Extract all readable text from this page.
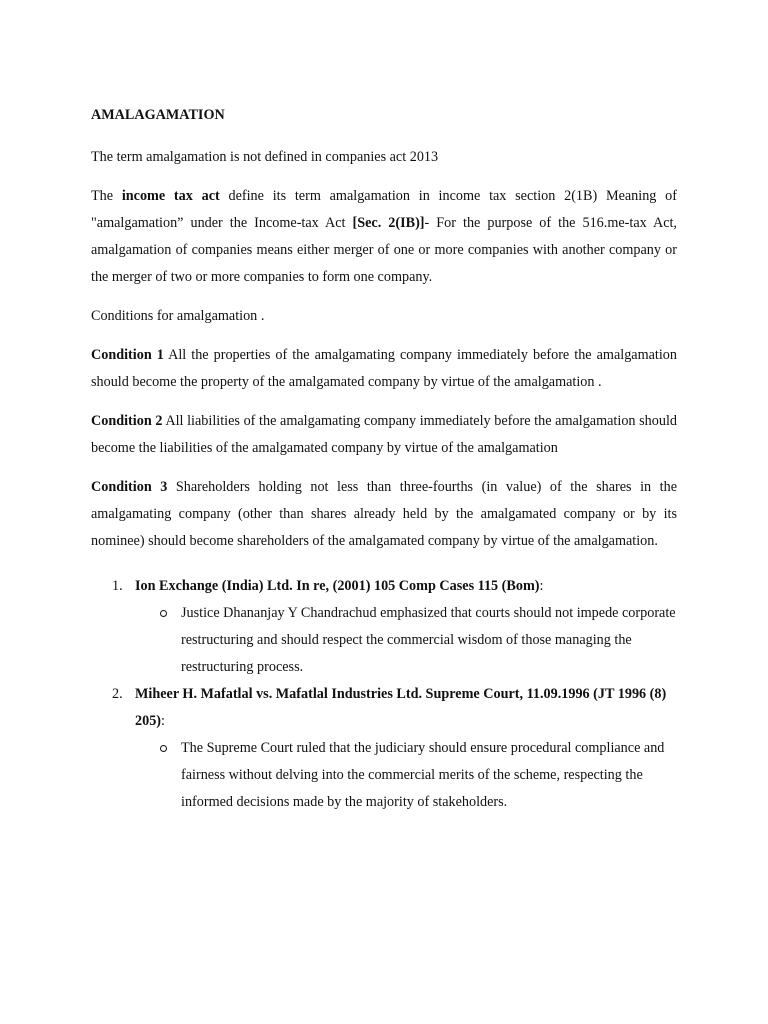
AMALAGAMATION

The term amalgamation is not defined in companies act 2013

The income tax act define its term amalgamation in income tax section 2(1B) Meaning of "amalgamation” under the Income-tax Act [Sec. 2(IB)]- For the purpose of the 516.me-tax Act, amalgamation of companies means either merger of one or more companies with another company or the merger of two or more companies to form one company.

Conditions for amalgamation .

Condition 1 All the properties of the amalgamating company immediately before the amalgamation should become the property of the amalgamated company by virtue of the amalgamation .

Condition 2 All liabilities of the amalgamating company immediately before the amalgamation should become the liabilities of the amalgamated company by virtue of the amalgamation

Condition 3 Shareholders holding not less than three-fourths (in value) of the shares in the amalgamating company (other than shares already held by the amalgamated company or by its nominee) should become shareholders of the amalgamated company by virtue of the amalgamation.

1. Ion Exchange (India) Ltd. In re, (2001) 105 Comp Cases 115 (Bom):
Justice Dhananjay Y Chandrachud emphasized that courts should not impede corporate restructuring and should respect the commercial wisdom of those managing the restructuring process.
2. Miheer H. Mafatlal vs. Mafatlal Industries Ltd. Supreme Court, 11.09.1996 (JT 1996 (8) 205):
The Supreme Court ruled that the judiciary should ensure procedural compliance and fairness without delving into the commercial merits of the scheme, respecting the informed decisions made by the majority of stakeholders.
